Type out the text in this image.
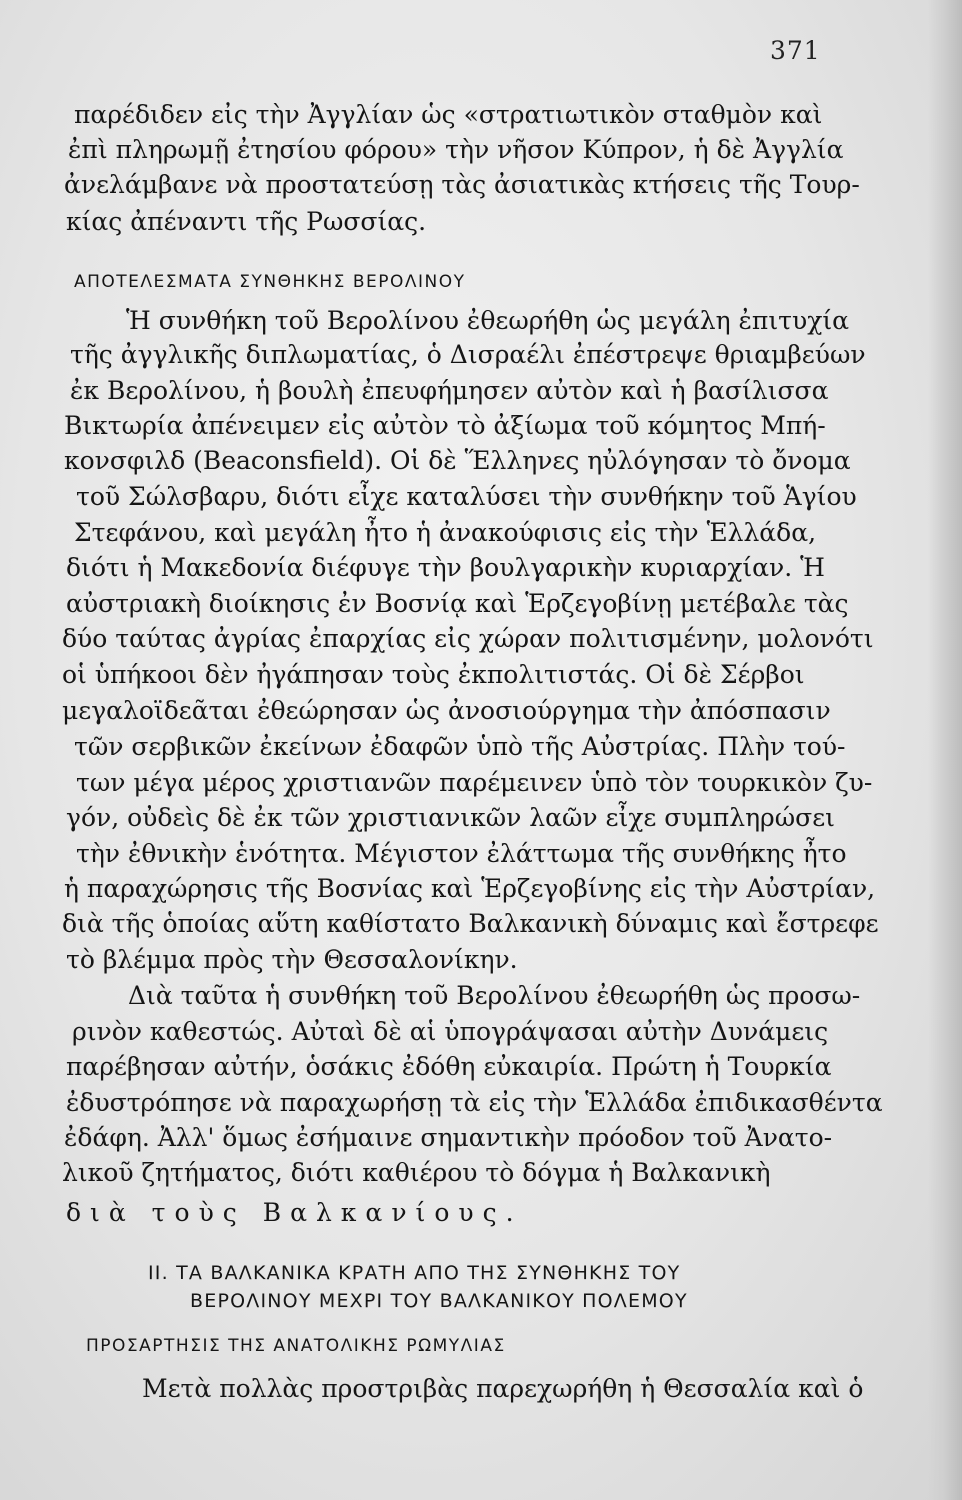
371
παρέδιδεν εἰς τὴν Ἀγγλίαν ὡς «στρατιωτικὸν σταθμὸν καὶ
ἐπὶ πληρωμῇ ἐτησίου φόρου» τὴν νῆσον Κύπρον, ἡ δὲ Ἀγγλία
ἀνελάμβανε νὰ προστατεύσῃ τὰς ἀσιατικὰς κτήσεις τῆς Τουρ-
κίας ἀπέναντι τῆς Ρωσσίας.
ΑΠΟΤΕΛΕΣΜΑΤΑ ΣΥΝΘΗΚΗΣ ΒΕΡΟΛΙΝΟΥ
Ἡ συνθήκη τοῦ Βερολίνου ἐθεωρήθη ὡς μεγάλη ἐπιτυχία
τῆς ἀγγλικῆς διπλωματίας, ὁ Δισραέλι ἐπέστρεψε θριαμβεύων
ἐκ Βερολίνου, ἡ βουλὴ ἐπευφήμησεν αὐτὸν καὶ ἡ βασίλισσα
Βικτωρία ἀπένειμεν εἰς αὐτὸν τὸ ἀξίωμα τοῦ κόμητος Μπή-
κονσφιλδ (Beaconsfield). Οἱ δὲ Ἕλληνες ηὐλόγησαν τὸ ὄνομα
τοῦ Σώλσβαρυ, διότι εἶχε καταλύσει τὴν συνθήκην τοῦ Ἁγίου
Στεφάνου, καὶ μεγάλη ἦτο ἡ ἀνακούφισις εἰς τὴν Ἑλλάδα,
διότι ἡ Μακεδονία διέφυγε τὴν βουλγαρικὴν κυριαρχίαν. Ἡ
αὐστριακὴ διοίκησις ἐν Βοσνίᾳ καὶ Ἑρζεγοβίνῃ μετέβαλε τὰς
δύο ταύτας ἀγρίας ἐπαρχίας εἰς χώραν πολιτισμένην, μολονότι
οἱ ὑπήκοοι δὲν ἠγάπησαν τοὺς ἐκπολιτιστάς. Οἱ δὲ Σέρβοι
μεγαλοϊδεᾶται ἐθεώρησαν ὡς ἀνοσιούργημα τὴν ἀπόσπασιν
τῶν σερβικῶν ἐκείνων ἐδαφῶν ὑπὸ τῆς Αὐστρίας. Πλὴν τού-
των μέγα μέρος χριστιανῶν παρέμεινεν ὑπὸ τὸν τουρκικὸν ζυ-
γόν, οὐδεὶς δὲ ἐκ τῶν χριστιανικῶν λαῶν εἶχε συμπληρώσει
τὴν ἐθνικὴν ἑνότητα. Μέγιστον ἐλάττωμα τῆς συνθήκης ἦτο
ἡ παραχώρησις τῆς Βοσνίας καὶ Ἑρζεγοβίνης εἰς τὴν Αὐστρίαν,
διὰ τῆς ὁποίας αὕτη καθίστατο Βαλκανικὴ δύναμις καὶ ἔστρεφε
τὸ βλέμμα πρὸς τὴν Θεσσαλονίκην.
Διὰ ταῦτα ἡ συνθήκη τοῦ Βερολίνου ἐθεωρήθη ὡς προσω-
ρινὸν καθεστώς. Αὐταὶ δὲ αἱ ὑπογράψασαι αὐτὴν Δυνάμεις
παρέβησαν αὐτήν, ὁσάκις ἐδόθη εὐκαιρία. Πρώτη ἡ Τουρκία
ἐδυστρόπησε νὰ παραχωρήσῃ τὰ εἰς τὴν Ἑλλάδα ἐπιδικασθέντα
ἐδάφη. Ἀλλ' ὅμως ἐσήμαινε σημαντικὴν πρόοδον τοῦ Ἀνατο-
λικοῦ ζητήματος, διότι καθιέρου τὸ δόγμα ἡ Βαλκανικὴ
διὰ τοὺς Βαλκανίους.
ΙΙ. ΤΑ ΒΑΛΚΑΝΙΚΑ ΚΡΑΤΗ ΑΠΟ ΤΗΣ ΣΥΝΘΗΚΗΣ ΤΟΥ
ΒΕΡΟΛΙΝΟΥ ΜΕΧΡΙ ΤΟΥ ΒΑΛΚΑΝΙΚΟΥ ΠΟΛΕΜΟΥ
ΠΡΟΣΑΡΤΗΣΙΣ ΤΗΣ ΑΝΑΤΟΛΙΚΗΣ ΡΩΜΥΛΙΑΣ
Μετὰ πολλὰς προστριβὰς παρεχωρήθη ἡ Θεσσαλία καὶ ὁ
